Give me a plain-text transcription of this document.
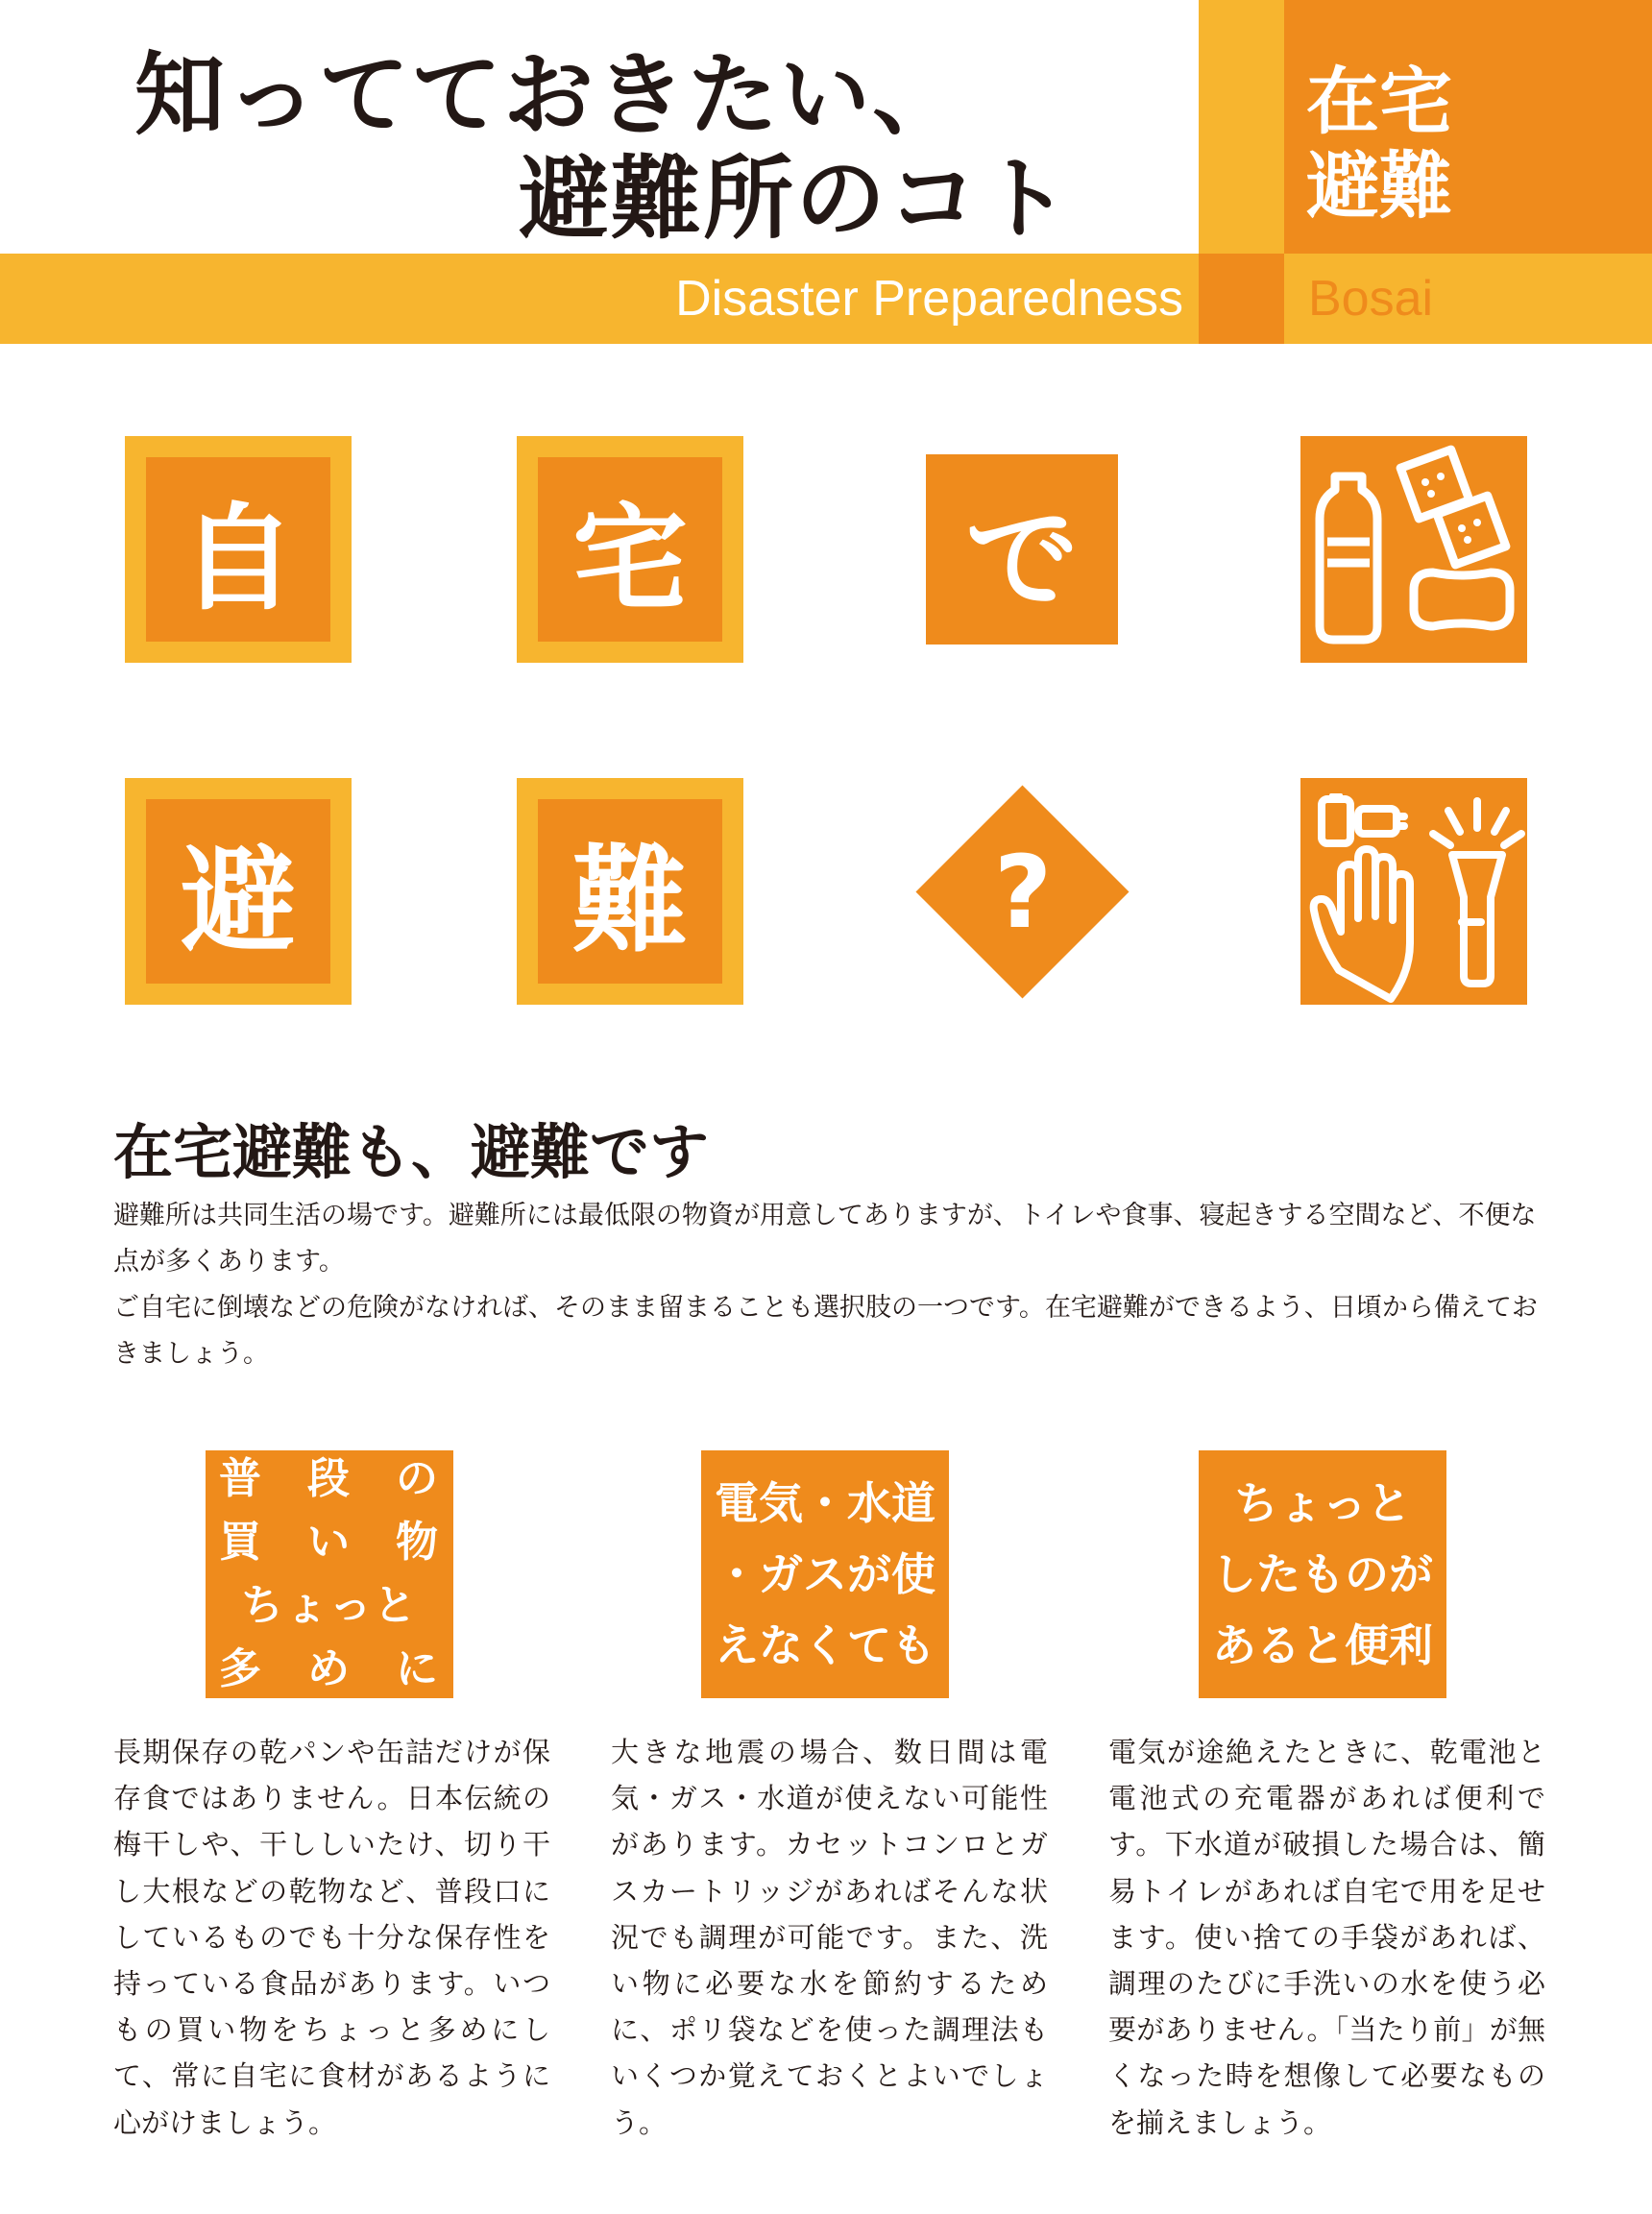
知ってておきたい、
避難所のコト
Disaster Preparedness
在宅
避難
Bosai
自	宅	で
避	難	?
在宅避難も、避難です

避難所は共同生活の場です。避難所には最低限の物資が用意してありますが、トイレや食事、寝起きする空間など、不便な点が多くあります。

ご自宅に倒壊などの危険がなければ、そのまま留まることも選択肢の一つです。在宅避難ができるよう、日頃から備えておきましょう。

普　段　の
買　い　物
ちょっと
多　め　に
長期保存の乾パンや缶詰だけが保存食ではありません。日本伝統の梅干しや、干ししいたけ、切り干し大根などの乾物など、普段口にしているものでも十分な保存性を持っている食品があります。いつもの買い物をちょっと多めにして、常に自宅に食材があるように心がけましょう。
電気・水道
・ガスが使
えなくても
大きな地震の場合、数日間は電気・ガス・水道が使えない可能性があります。カセットコンロとガスカートリッジがあればそんな状況でも調理が可能です。また、洗い物に必要な水を節約するために、ポリ袋などを使った調理法もいくつか覚えておくとよいでしょう。
ちょっと
したものが
あると便利
電気が途絶えたときに、乾電池と電池式の充電器があれば便利です。下水道が破損した場合は、簡易トイレがあれば自宅で用を足せます。使い捨ての手袋があれば、調理のたびに手洗いの水を使う必要がありません。「当たり前」が無くなった時を想像して必要なものを揃えましょう。
